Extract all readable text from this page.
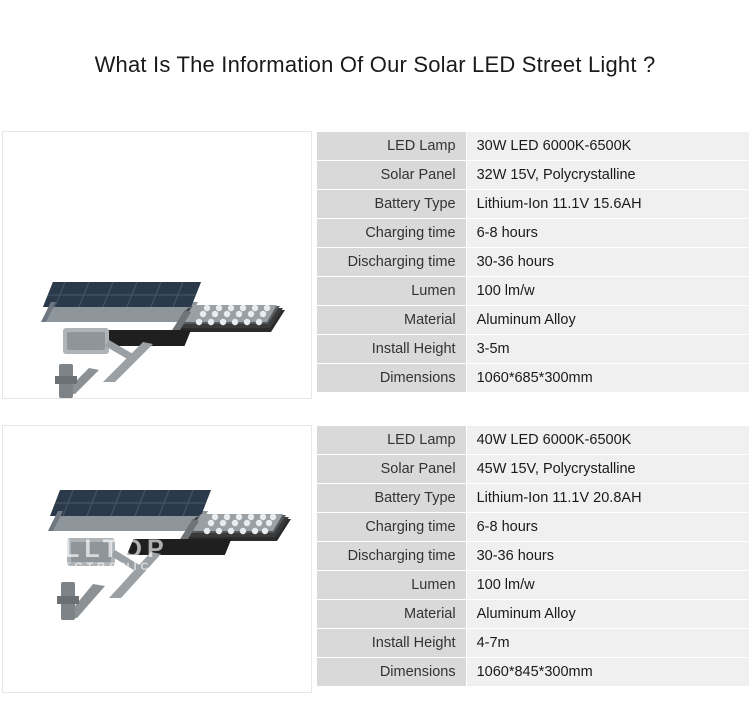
What Is The Information Of Our Solar LED Street Light ?
ALLTOP
ELECTRONICS
LED Lamp	30W LED 6000K-6500K
Solar Panel	32W 15V, Polycrystalline
Battery Type	Lithium-Ion 11.1V 15.6AH
Charging time	6-8 hours
Discharging time	30-36 hours
Lumen	100 lm/w
Material	Aluminum Alloy
Install Height	3-5m
Dimensions	1060*685*300mm
ALLTOP
ELECTRONICS
LED Lamp	40W LED 6000K-6500K
Solar Panel	45W 15V, Polycrystalline
Battery Type	Lithium-Ion 11.1V 20.8AH
Charging time	6-8 hours
Discharging time	30-36 hours
Lumen	100 lm/w
Material	Aluminum Alloy
Install Height	4-7m
Dimensions	1060*845*300mm
